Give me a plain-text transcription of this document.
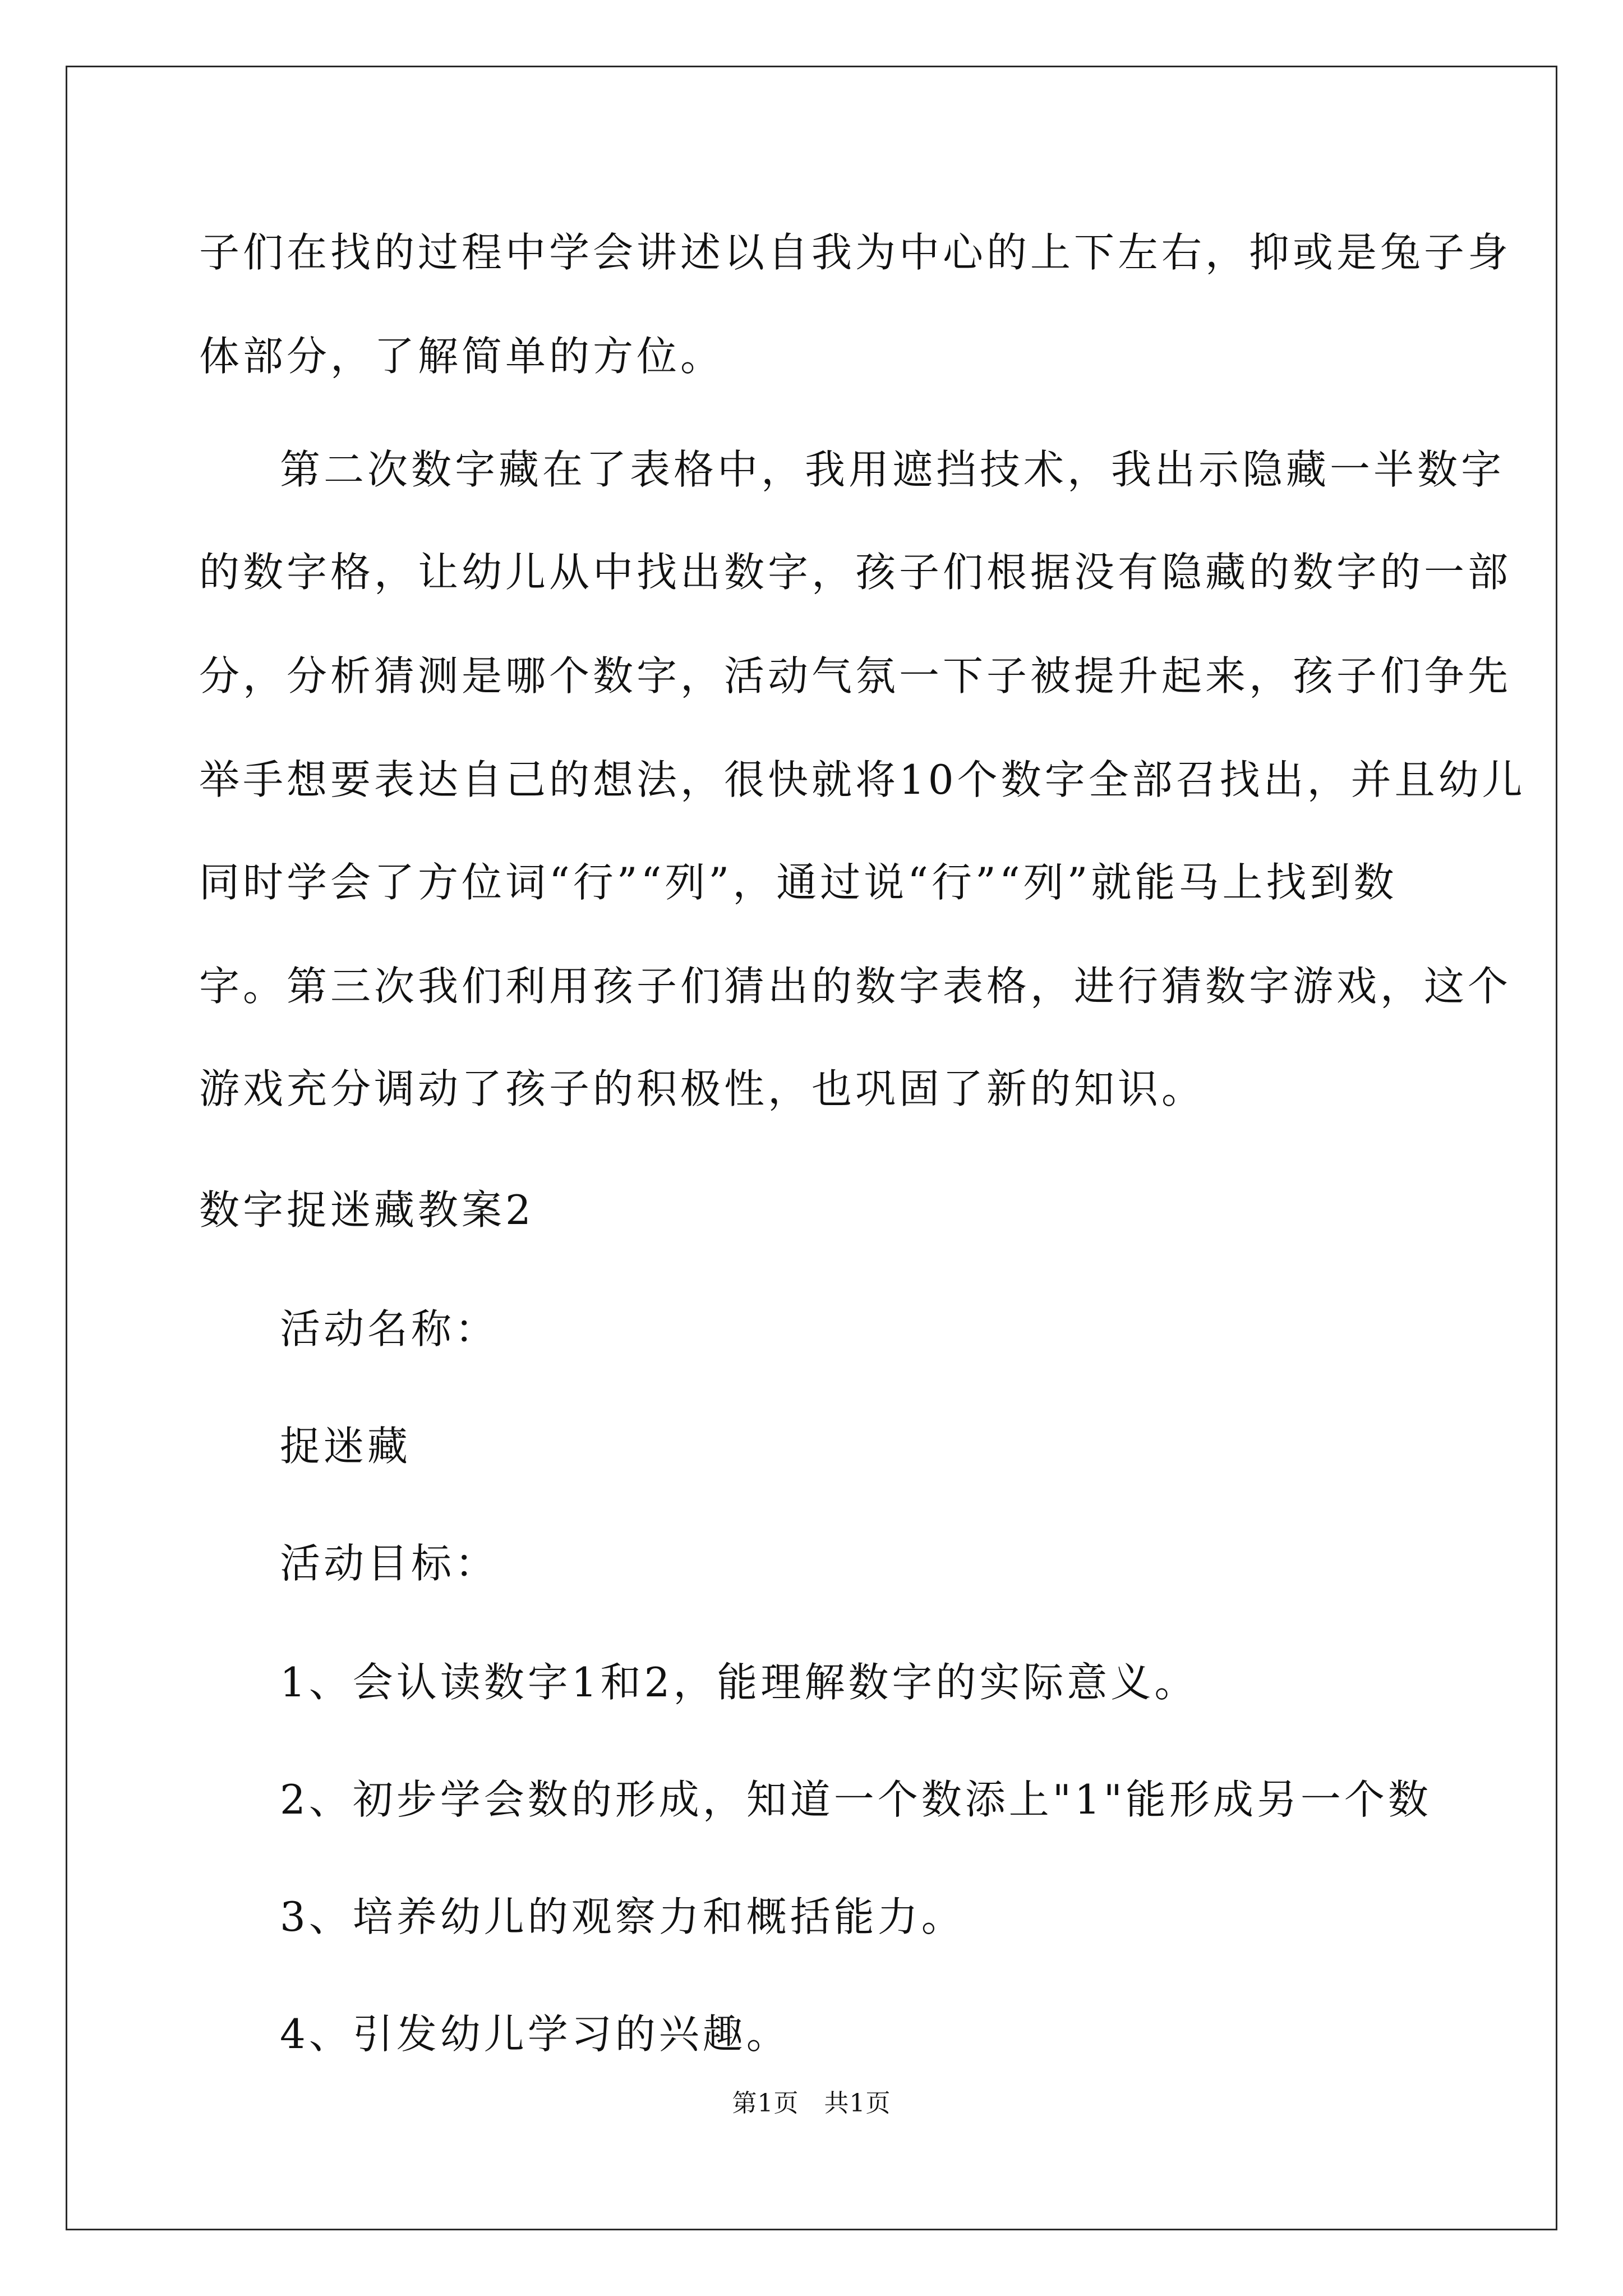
子们在找的过程中学会讲述以自我为中心的上下左右，抑或是兔子身
体部分，了解简单的方位。
第二次数字藏在了表格中，我用遮挡技术，我出示隐藏一半数字
的数字格，让幼儿从中找出数字，孩子们根据没有隐藏的数字的一部
分，分析猜测是哪个数字，活动气氛一下子被提升起来，孩子们争先
举手想要表达自己的想法，很快就将10个数字全部召找出，并且幼儿
同时学会了方位词“行”“列”，通过说“行”“列”就能马上找到数
字。第三次我们利用孩子们猜出的数字表格，进行猜数字游戏，这个
游戏充分调动了孩子的积极性，也巩固了新的知识。
数字捉迷藏教案2
活动名称：
捉迷藏
活动目标：
1、会认读数字1和2，能理解数字的实际意义。
2、初步学会数的形成，知道一个数添上"1"能形成另一个数
3、培养幼儿的观察力和概括能力。
4、引发幼儿学习的兴趣。
第1页　共1页
